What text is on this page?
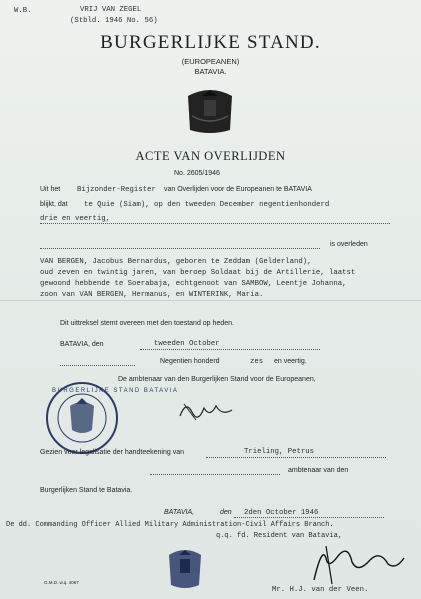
W.B.	VRIJ VAN ZEGEL
(Stbld. 1946 No. 56)
BURGERLIJKE STAND.
(EUROPEANEN)
BATAVIA.
ACTE VAN OVERLIJDEN
No. 2605/1946
Uit het Bijzonder-Register van Overlijden voor de Europeanen te BATAVIA
blijkt, dat te Quie (Siam), op den tweeden December negentienhonderd
drie en veertig,
is overleden
VAN BERGEN, Jacobus Bernardus, geboren te Zeddam (Gelderland),
oud zeven en twintig jaren, van beroep Soldaat bij de Artillerie, laatst
gewoond hebbende te Soerabaja, echtgenoot van SAMBOW, Leentje Johanna,
zoon van VAN BERGEN, Hermanus, en WINTERINK, Maria.
Dit uittreksel stemt overeen met den toestand op heden.
BATAVIA, den	tweeden October
Negentien honderd	zes en veertig.
De ambtenaar van den Burgerlijken Stand voor de Europeanen,
BURGERLIJKE STAND BATAVIA
Gezien voor legalisatie der handteekening van	Trieling, Petrus
ambtenaar van den
Burgerlijken Stand te Batavia.
BATAVIA,	den 2den October 1946
De dd. Commanding Officer Allied Military Administration-Civil Affairs Branch.
q.q. fd. Resident van Batavia,
G.M.D. w.q. 4067
Mr. H.J. van der Veen.
